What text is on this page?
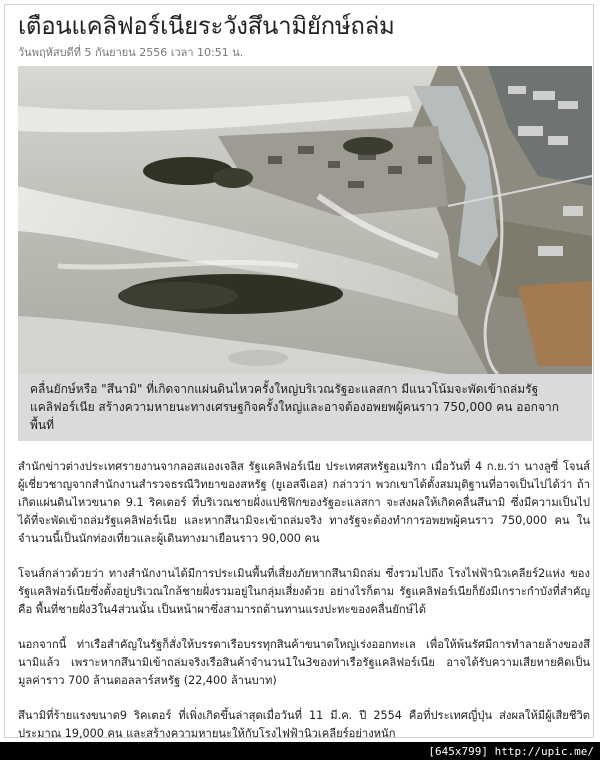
เตือนแคลิฟอร์เนียระวังสึนามิยักษ์ถล่ม
วันพฤหัสบดีที่ 5 กันยายน 2556 เวลา 10:51 น.

คลื่นยักษ์หรือ "สึนามิ" ที่เกิดจากแผ่นดินไหวครั้งใหญ่บริเวณรัฐอะแลสกา มีแนวโน้มจะพัดเข้าถล่มรัฐแคลิฟอร์เนีย สร้างความหายนะทางเศรษฐกิจครั้งใหญ่และอาจต้องอพยพผู้คนราว 750,000 คน ออกจากพื้นที่

สำนักข่าวต่างประเทศรายงานจากลอสแองเจลิส รัฐแคลิฟอร์เนีย ประเทศสหรัฐอเมริกา เมื่อวันที่ 4 ก.ย.ว่า นางลูซี่ โจนส์ ผู้เชี่ยวชาญจากสำนักงานสำรวจธรณีวิทยาของสหรัฐ (ยูเอสจีเอส) กล่าวว่า พวกเขาได้ตั้งสมมุติฐานที่อาจเป็นไปได้ว่า ถ้าเกิดแผ่นดินไหวขนาด 9.1 ริคเตอร์ ที่บริเวณชายฝั่งแปซิฟิกของรัฐอะแลสกา จะส่งผลให้เกิดคลื่นสึนามิ ซึ่งมีความเป็นไปได้ที่จะพัดเข้าถล่มรัฐแคลิฟอร์เนีย และหากสึนามิจะเข้าถล่มจริง ทางรัฐจะต้องทำการอพยพผู้คนราว 750,000 คน ในจำนวนนี้เป็นนักท่องเที่ยวและผู้เดินทางมาเยือนราว 90,000 คน

โจนส์กล่าวด้วยว่า ทางสำนักงานได้มีการประเมินพื้นที่เสี่ยงภัยหากสึนามิถล่ม ซึ่งรวมไปถึง โรงไฟฟ้านิวเคลียร์2แห่ง ของรัฐแคลิฟอร์เนียซึ่งตั้งอยู่บริเวณใกล้ชายฝั่งรวมอยู่ในกลุ่มเสี่ยงด้วย อย่างไรก็ตาม รัฐแคลิฟอร์เนียก็ยังมีเกราะกำบังที่สำคัญคือ พื้นที่ชายฝั่ง3ใน4ส่วนนั้น เป็นหน้าผาซึ่งสามารถต้านทานแรงปะทะของคลื่นยักษ์ได้

นอกจากนี้ ท่าเรือสำคัญในรัฐก็สั่งให้บรรดาเรือบรรทุกสินค้าขนาดใหญ่เร่งออกทะเล เพื่อให้พ้นรัศมีการทำลายล้างของสึนามิแล้ว เพราะหากสึนามิเข้าถล่มจริงเรือสินค้าจำนวน1ใน3ของท่าเรือรัฐแคลิฟอร์เนีย อาจได้รับความเสียหายคิดเป็นมูลค่าราว 700 ล้านดอลลาร์สหรัฐ (22,400 ล้านบาท)

สึนามิที่ร้ายแรงขนาด9 ริคเตอร์ ที่เพิ่งเกิดขึ้นล่าสุดเมื่อวันที่ 11 มี.ค. ปี 2554 คือที่ประเทศญี่ปุ่น ส่งผลให้มีผู้เสียชีวิตประมาณ 19,000 คน และสร้างความหายนะให้กับโรงไฟฟ้านิวเคลียร์อย่างหนัก

[645x799] http://upic.me/
